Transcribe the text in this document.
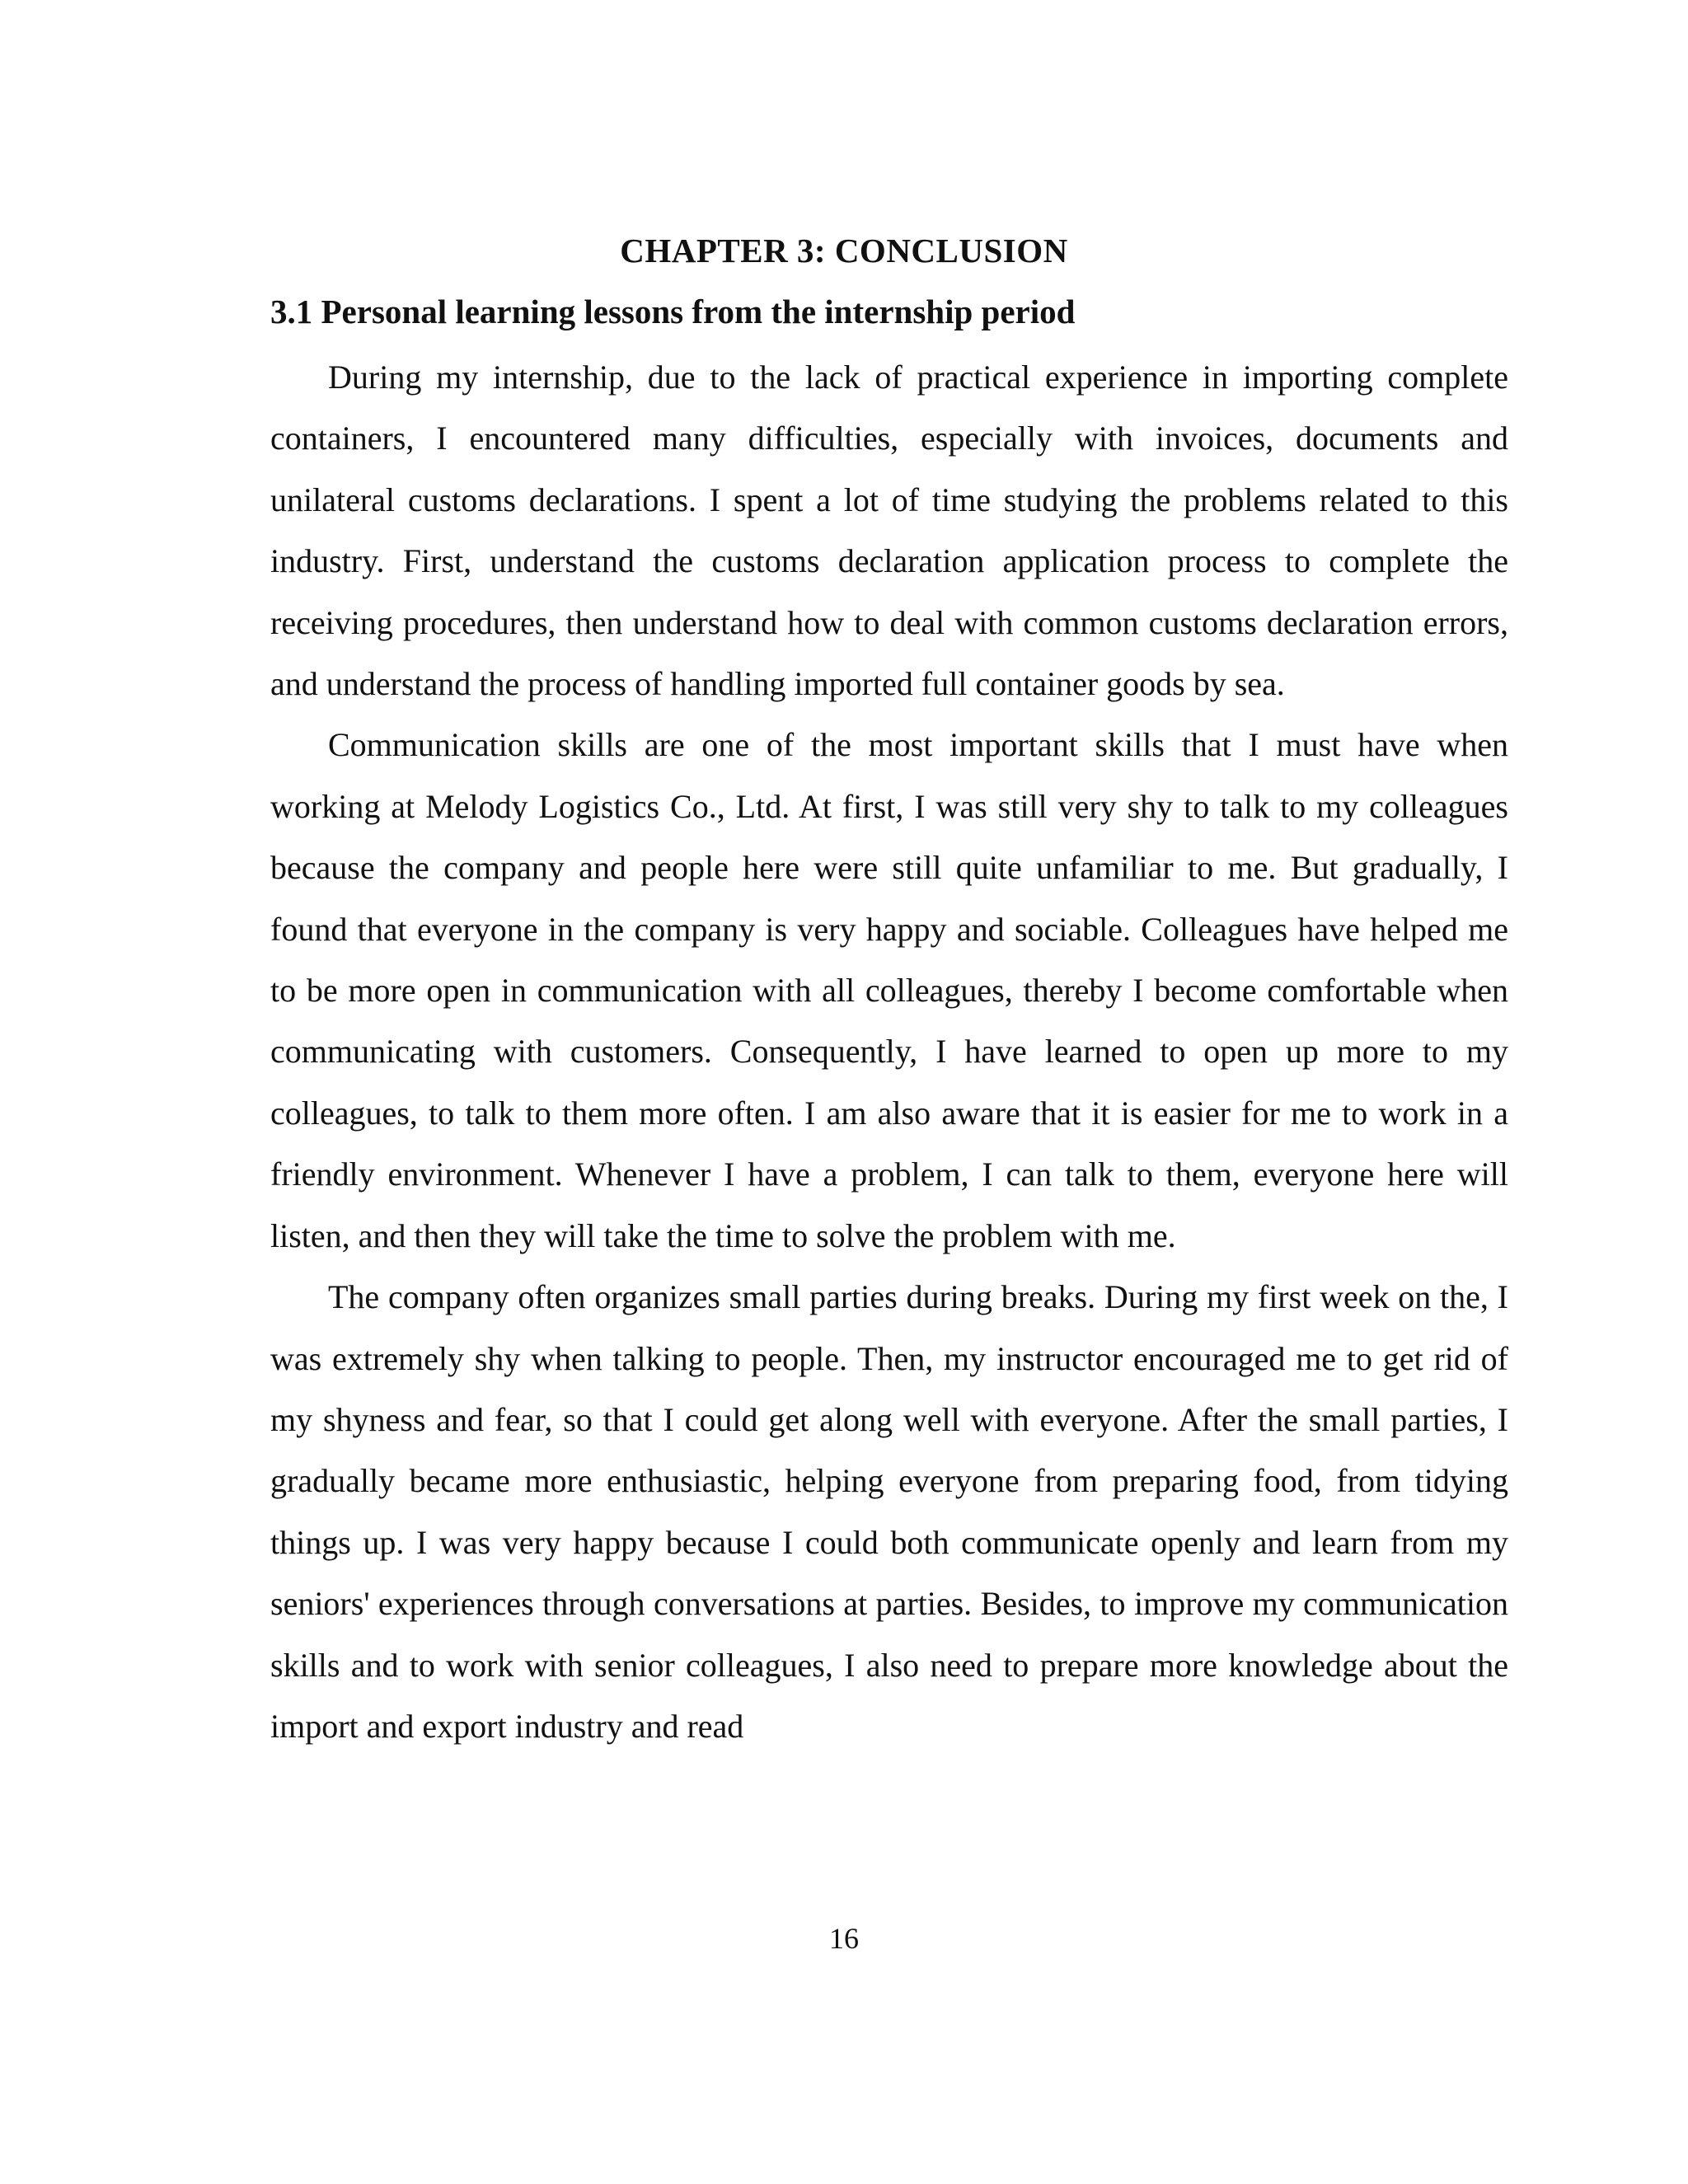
CHAPTER 3: CONCLUSION
3.1 Personal learning lessons from the internship period

During my internship, due to the lack of practical experience in importing complete containers, I encountered many difficulties, especially with invoices, documents and unilateral customs declarations. I spent a lot of time studying the problems related to this industry. First, understand the customs declaration application process to complete the receiving procedures, then understand how to deal with common customs declaration errors, and understand the process of handling imported full container goods by sea.

Communication skills are one of the most important skills that I must have when working at Melody Logistics Co., Ltd. At first, I was still very shy to talk to my colleagues because the company and people here were still quite unfamiliar to me. But gradually, I found that everyone in the company is very happy and sociable. Colleagues have helped me to be more open in communication with all colleagues, thereby I become comfortable when communicating with customers. Consequently, I have learned to open up more to my colleagues, to talk to them more often. I am also aware that it is easier for me to work in a friendly environment. Whenever I have a problem, I can talk to them, everyone here will listen, and then they will take the time to solve the problem with me.

The company often organizes small parties during breaks. During my first week on the, I was extremely shy when talking to people. Then, my instructor encouraged me to get rid of my shyness and fear, so that I could get along well with everyone. After the small parties, I gradually became more enthusiastic, helping everyone from preparing food, from tidying things up. I was very happy because I could both communicate openly and learn from my seniors' experiences through conversations at parties. Besides, to improve my communication skills and to work with senior colleagues, I also need to prepare more knowledge about the import and export industry and read

16
